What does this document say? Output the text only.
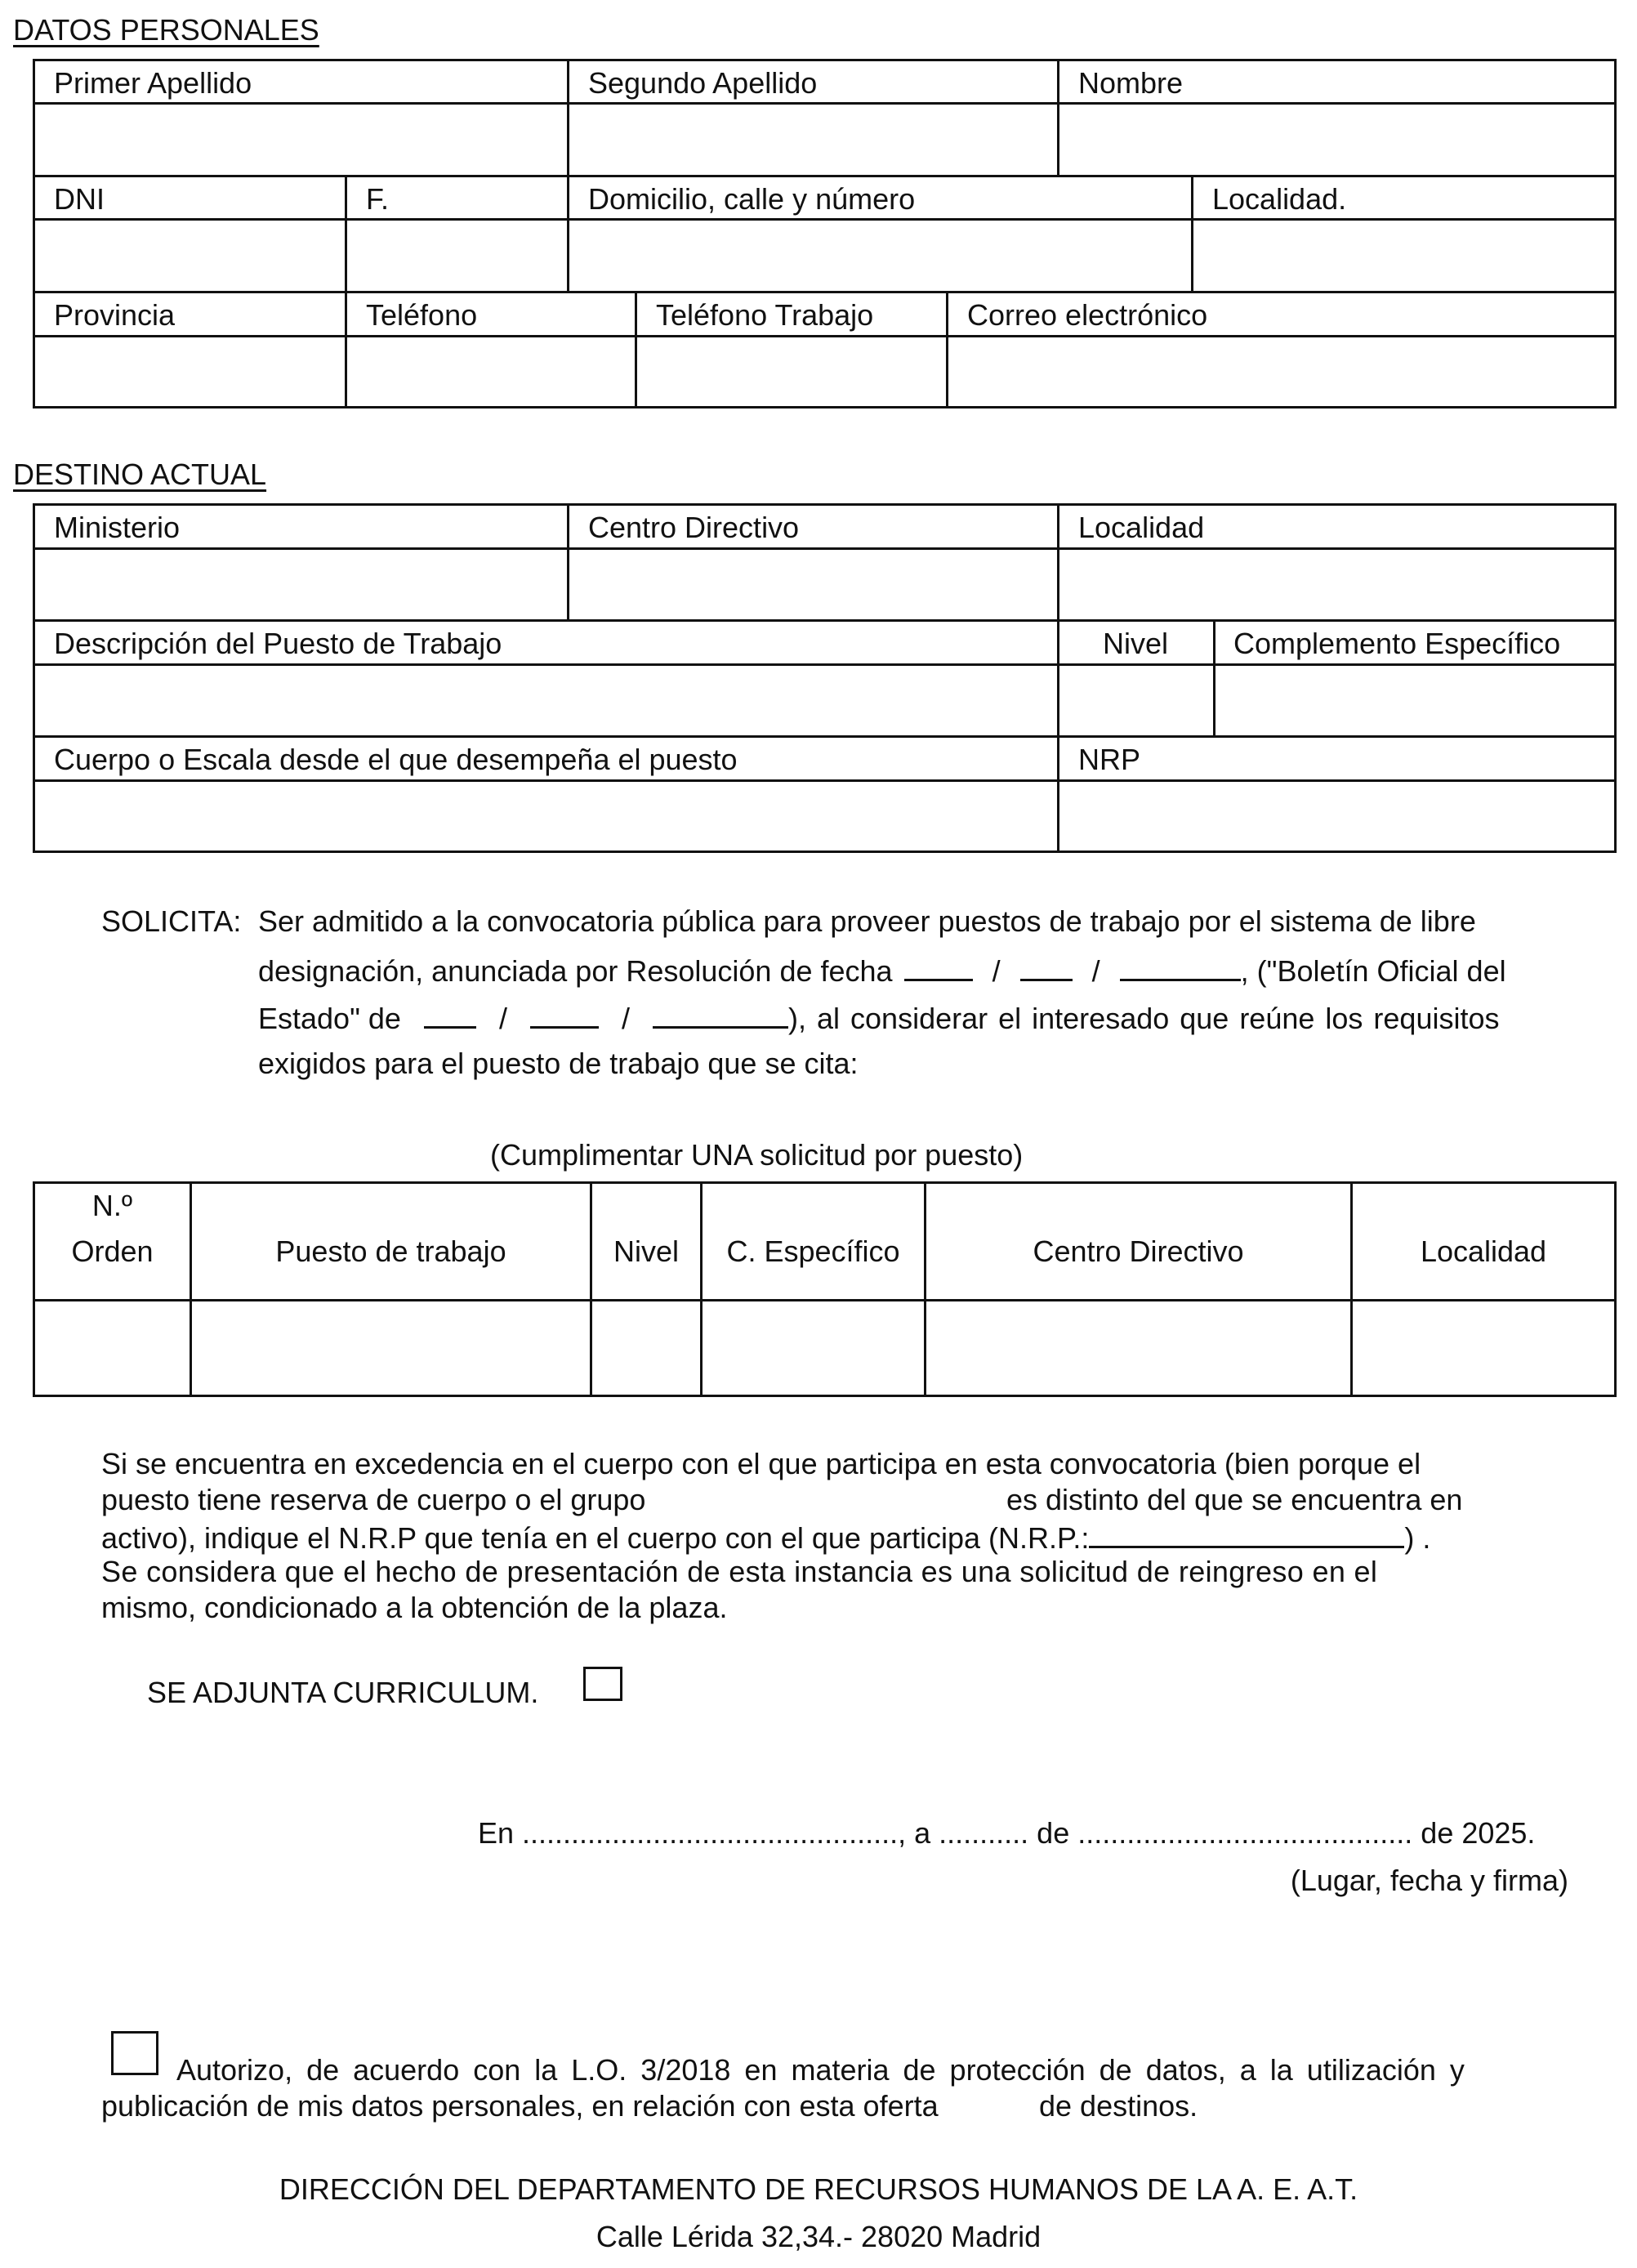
DATOS PERSONALES
Primer Apellido	Segundo Apellido	Nombre
DNI	F.	Domicilio, calle y número	Localidad.
Provincia	Teléfono	Teléfono Trabajo	Correo electrónico
DESTINO ACTUAL
Ministerio	Centro Directivo	Localidad
Descripción del Puesto de Trabajo	Nivel Complemento Específico
Cuerpo o Escala desde el que desempeña el puesto	NRP
SOLICITA: Ser admitido a la convocatoria pública para proveer puestos de trabajo por el sistema de libre
designación, anunciada por Resolución de fecha	/	/	, ("Boletín Oficial del
Estado" de	/	/	), al considerar el interesado que reúne los requisitos
exigidos para el puesto de trabajo que se cita:
(Cumplimentar UNA solicitud por puesto)
N.º
Orden	Puesto de trabajo	Nivel	C. Específico	Centro Directivo	Localidad
Si se encuentra en excedencia en el cuerpo con el que participa en esta convocatoria (bien porque el
puesto tiene reserva de cuerpo o el grupo	es distinto del que se encuentra en
activo), indique el N.R.P que tenía en el cuerpo con el que participa (N.R.P.:	) .
Se considera que el hecho de presentación de esta instancia es una solicitud de reingreso en el
mismo, condicionado a la obtención de la plaza.
SE ADJUNTA CURRICULUM.
En .............................................., a ........... de ......................................... de 2025.
(Lugar, fecha y firma)
Autorizo, de acuerdo con la L.O. 3/2018 en materia de protección de datos, a la utilización y
publicación de mis datos personales, en relación con esta oferta	de destinos.
DIRECCIÓN DEL DEPARTAMENTO DE RECURSOS HUMANOS DE LA A. E. A.T.
Calle Lérida 32,34.- 28020 Madrid
